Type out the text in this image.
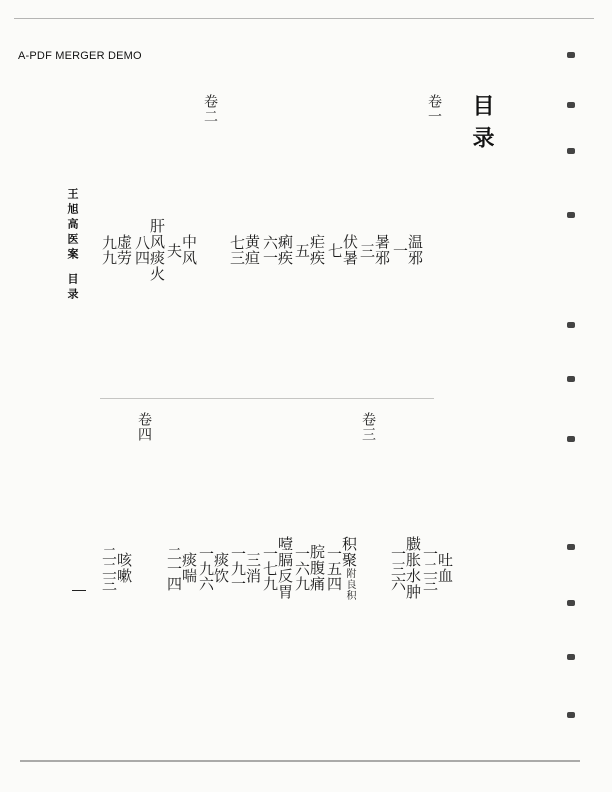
A-PDF MERGER DEMO
目录
王旭高医案目录
卷一
卷二
温邪
一
暑邪
三
伏暑
七
疟疾
五
痢疾
六一
黄疸
七三
中风
夫
肝风痰火
八四
虚劳
九九
卷三
卷四
吐血
一二三
臌胀水肿
一三六
积聚附良积
一五四
脘腹痛
一六九
噎膈反胃
一七九
三消
一九一
痰饮
一九六
痰喘
二一四
咳嗽
二二三
